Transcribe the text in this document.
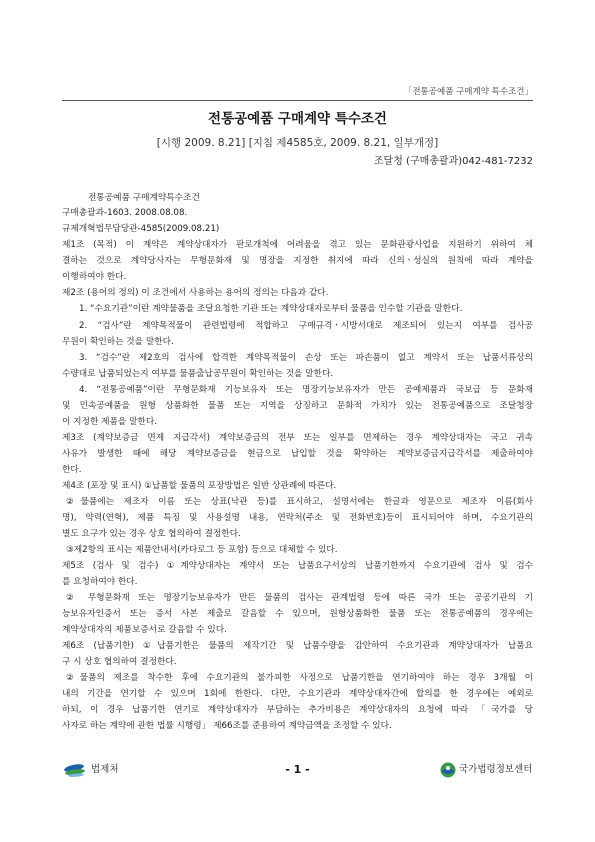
「전통공예품 구매계약 특수조건」
전통공예품 구매계약 특수조건
[시행 2009. 8.21] [지침 제4585호, 2009. 8.21, 일부개정]
조달청 (구매총괄과)042-481-7232
전통공예품 구매계약특수조건
구매총괄과-1603. 2008.08.08.
규제개혁법무담당관-4585(2009.08.21)
제1조 (목적) 이 계약은 계약상대자가 판로개척에 어려움을 겪고 있는 문화관광사업을 지원하기 위하여 체
결하는 것으로 계약당사자는 무형문화재 및 명장을 지정한 취지에 따라 신의ㆍ성실의 원칙에 따라 계약을
이행하여야 한다.
제2조 (용어의 정의) 이 조건에서 사용하는 용어의 정의는 다음과 같다.
1. “수요기관”이란 계약물품을 조달요청한 기관 또는 계약상대자로부터 물품을 인수할 기관을 말한다.
2. “검사”란 계약목적물이 관련법령에 적합하고 구매규격ㆍ시방서대로 제조되어 있는지 여부를 검사공
무원이 확인하는 것을 말한다.
3. “검수”란 제2호의 검사에 합격한 계약목적물이 손상 또는 파손품이 없고 계약서 또는 납품서류상의
수량대로 납품되었는지 여부를 물품출납공무원이 확인하는 것을 말한다.
4. “전통공예품”이란 무형문화재 기능보유자 또는 명장기능보유자가 만든 공예제품과 국보급 등 문화재
및 민속공예품을 원형 상품화한 물품 또는 지역을 상징하고 문화적 가치가 있는 전통공예품으로 조달청장
이 지정한 제품을 말한다.
제3조 (계약보증금 면제 지급각서) 계약보증금의 전부 또는 일부를 면제하는 경우 계약상대자는 국고 귀속
사유가 발생한 때에 해당 계약보증금을 현금으로 납입할 것을 확약하는 계약보증금지급각서를 제출하여야
한다.
제4조 (포장 및 표시) ①납품할 물품의 포장방법은 일반 상관례에 따른다.
②물품에는 제조자 이름 또는 상표(낙관 등)를 표시하고, 설명서에는 한글과 영문으로 제조자 이름(회사
명), 약력(연혁), 제품 특징 및 사용설명 내용, 연락처(주소 및 전화번호)등이 표시되어야 하며, 수요기관의
별도 요구가 있는 경우 상호 협의하여 결정한다.
③제2항의 표시는 제품안내서(카다로그 등 포함) 등으로 대체할 수 있다.
제5조 (검사 및 검수) ①계약상대자는 계약서 또는 납품요구서상의 납품기한까지 수요기관에 검사 및 검수
를 요청하여야 한다.
② 무형문화재 또는 명장기능보유자가 만든 물품의 검사는 관계법령 등에 따른 국가 또는 공공기관의 기
능보유자인증서 또는 증서 사본 제출로 갈음할 수 있으며, 원형상품화한 물품 또는 전통공예품의 경우에는
계약상대자의 제품보증서로 갈음할 수 있다.
제6조 (납품기한) ①납품기한은 물품의 제작기간 및 납품수량을 감안하여 수요기관과 계약상대자가 납품요
구 시 상호 협의하여 결정한다.
②물품의 제조를 착수한 후에 수요기관의 불가피한 사정으로 납품기한을 연기하여야 하는 경우 3개월 이
내의 기간을 연기할 수 있으며 1회에 한한다. 다만, 수요기관과 계약상대자간에 합의를 한 경우에는 예외로
하되, 이 경우 납품기한 연기로 계약상대자가 부담하는 추가비용은 계약상대자의 요청에 따라 「국가를 당
사자로 하는 계약에 관한 법률 시행령」 제66조를 준용하여 계약금액을 조정할 수 있다.
법제처	- 1 -	국가법령정보센터
